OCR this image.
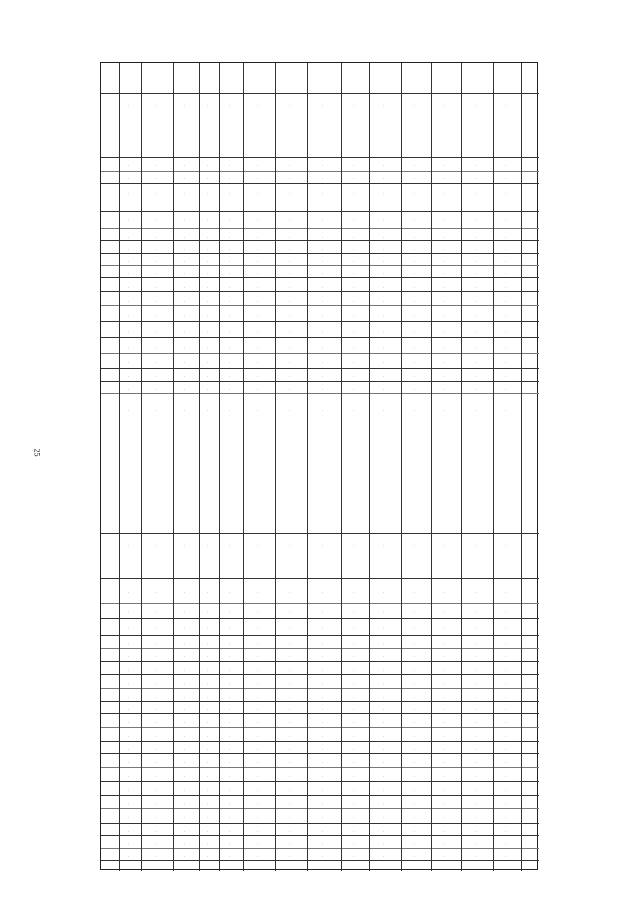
25
·
·
·
·
·
·
·
·
·
·
·
·
·
·
·
·
·
·
·
·
·
·
·
·
·
·
·
·
·
·
·
·
·
·
·
·
·
·
·
·
·
·
·
·
·
·
·
·
·
·
·
·
·
·
·
·
·
·
·
·
·
·
·
·
·
·
·
·
·
·
·
·
·
·
·
·
·
·
·
·
·
·
·
·
·
·
·
·
·
·
·
·
·
·
·
·
·
·
·
·
·
·
·
·
·
·
·
·
·
·
·
·
·
·
·
·
·
·
·
·
·
·
·
·
·
·
·
·
·
·
·
·
·
·
·
·
·
·
·
·
·
·
·
·
·
·
·
·
·
·
·
·
·
·
·
·
·
·
·
·
·
·
·
·
·
·
·
·
·
·
·
·
·
·
·
·
·
·
·
·
·
·
·
·
·
·
·
·
·
·
·
·
·
·
·
·
·
·
·
·
·
·
·
·
·
·
·
·
·
·
·
·
·
·
·
·
·
·
·
·
·
·
·
·
·
·
·
·
·
·
·
·
·
·
·
·
·
·
·
·
·
·
·
·
·
·
·
·
·
·
·
·
·
·
·
·
·
·
·
·
·
·
·
·
·
·
·
·
·
·
·
·
·
·
·
·
·
·
·
·
·
·
·
·
·
·
·
·
·
·
·
·
·
·
·
·
·
·
·
·
·
·
·
·
·
·
·
·
·
·
·
·
·
·
·
·
·
·
·
·
·
·
·
·
·
·
·
·
·
·
·
·
·
·
·
·
·
·
·
·
·
·
·
·
·
·
·
·
·
·
·
·
·
·
·
·
·
·
·
·
·
·
·
·
·
·
·
·
·
·
·
·
·
·
·
·
·
·
·
·
·
·
·
·
·
·
·
·
·
·
·
·
·
·
·
·
·
·
·
·
·
·
·
·
·
·
·
·
·
·
·
·
·
·
·
·
·
·
·
·
·
·
·
·
·
·
·
·
·
·
·
·
·
·
·
·
·
·
·
·
·
·
·
·
·
·
·
·
·
·
·
·
·
·
·
·
·
·
·
·
·
·
·
·
·
·
·
·
·
·
·
·
·
·
·
·
·
·
·
·
·
·
·
·
·
·
·
·
·
·
·
·
·
·
·
·
·
·
·
·
·
·
·
·
·
·
·
·
·
·
·
·
·
·
·
·
·
·
·
·
·
·
·
·
·
·
·
·
·
·
·
·
·
·
·
·
·
·
·
·
·
·
·
·
·
·
